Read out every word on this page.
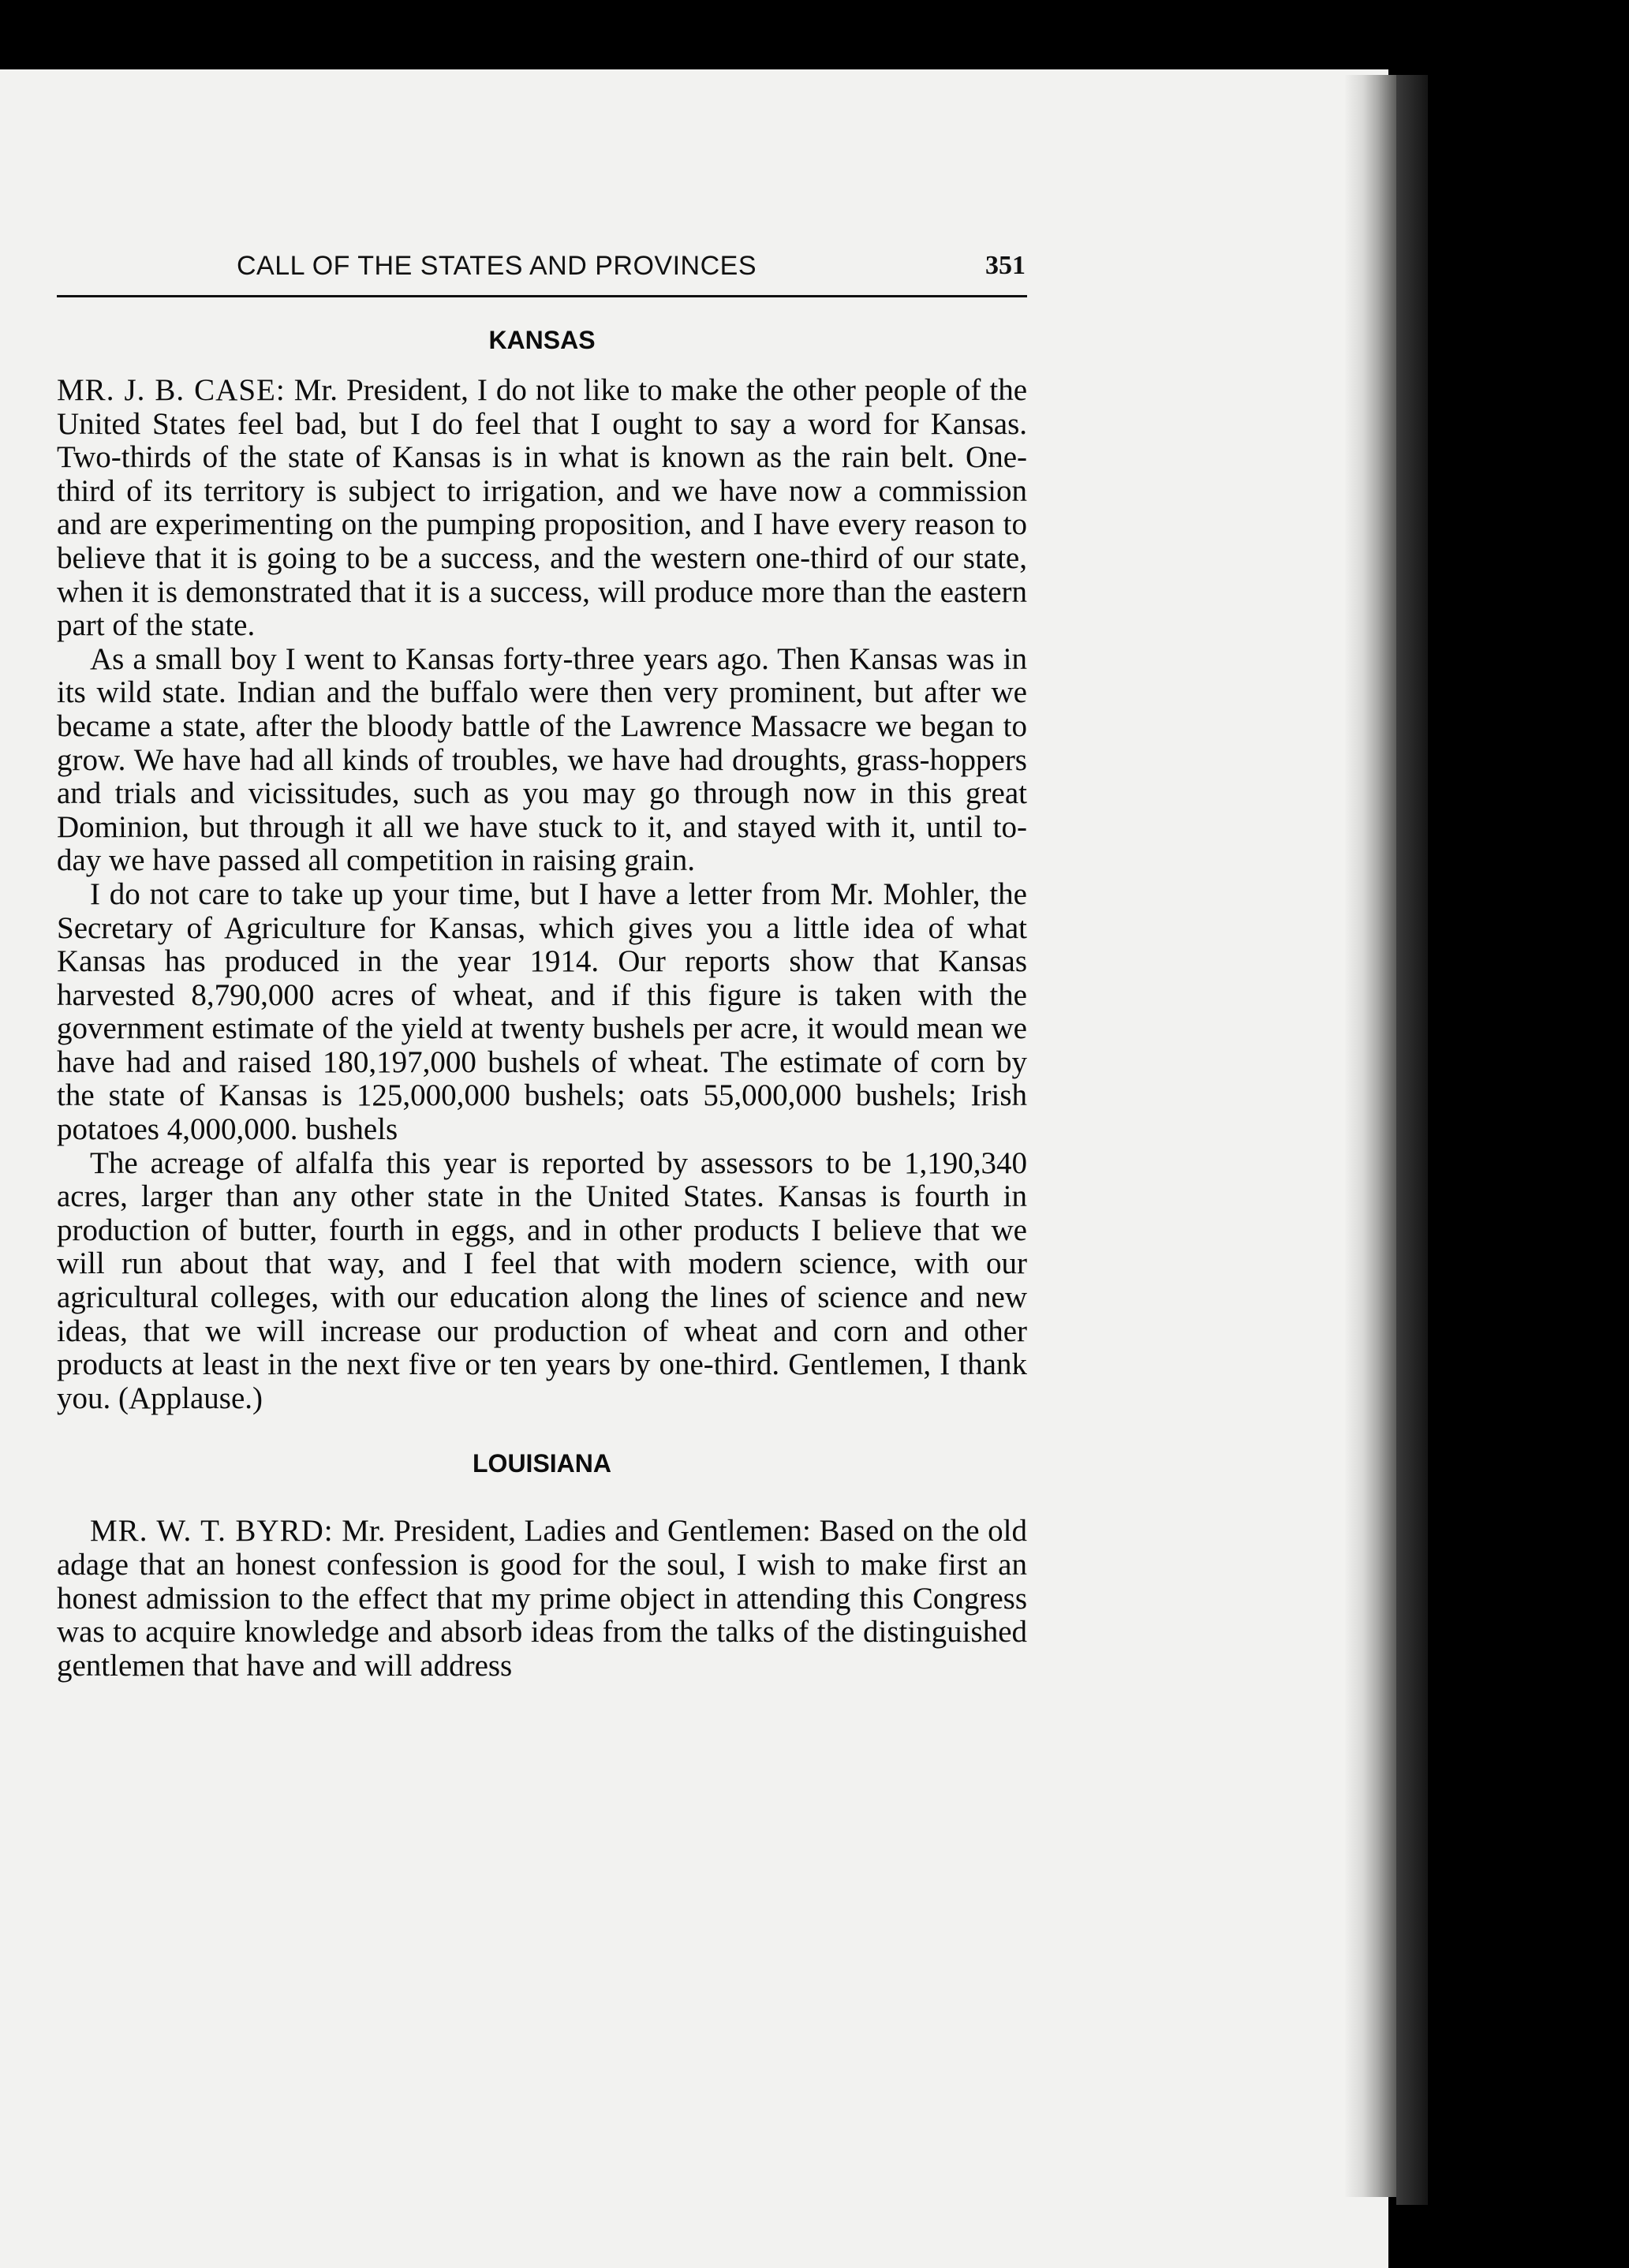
CALL OF THE STATES AND PROVINCES	351
KANSAS

MR. J. B. CASE: Mr. President, I do not like to make the other people of the United States feel bad, but I do feel that I ought to say a word for Kansas. Two-thirds of the state of Kansas is in what is known as the rain belt. One-third of its territory is subject to irrigation, and we have now a commission and are experimenting on the pumping proposition, and I have every reason to believe that it is going to be a success, and the western one-third of our state, when it is demonstrated that it is a success, will produce more than the eastern part of the state.

As a small boy I went to Kansas forty-three years ago. Then Kansas was in its wild state. Indian and the buffalo were then very prominent, but after we became a state, after the bloody battle of the Lawrence Massacre we began to grow. We have had all kinds of troubles, we have had droughts, grass-hoppers and trials and vicissitudes, such as you may go through now in this great Dominion, but through it all we have stuck to it, and stayed with it, until to-day we have passed all competition in raising grain.

I do not care to take up your time, but I have a letter from Mr. Mohler, the Secretary of Agriculture for Kansas, which gives you a little idea of what Kansas has produced in the year 1914. Our reports show that Kansas harvested 8,790,000 acres of wheat, and if this figure is taken with the government estimate of the yield at twenty bushels per acre, it would mean we have had and raised 180,197,000 bushels of wheat. The estimate of corn by the state of Kansas is 125,000,000 bushels; oats 55,000,000 bushels; Irish potatoes 4,000,000. bushels

The acreage of alfalfa this year is reported by assessors to be 1,190,340 acres, larger than any other state in the United States. Kansas is fourth in production of butter, fourth in eggs, and in other products I believe that we will run about that way, and I feel that with modern science, with our agricultural colleges, with our education along the lines of science and new ideas, that we will increase our production of wheat and corn and other products at least in the next five or ten years by one-third. Gentlemen, I thank you. (Applause.)

LOUISIANA

MR. W. T. BYRD: Mr. President, Ladies and Gentlemen: Based on the old adage that an honest confession is good for the soul, I wish to make first an honest admission to the effect that my prime object in attending this Congress was to acquire knowledge and absorb ideas from the talks of the distinguished gentlemen that have and will address
